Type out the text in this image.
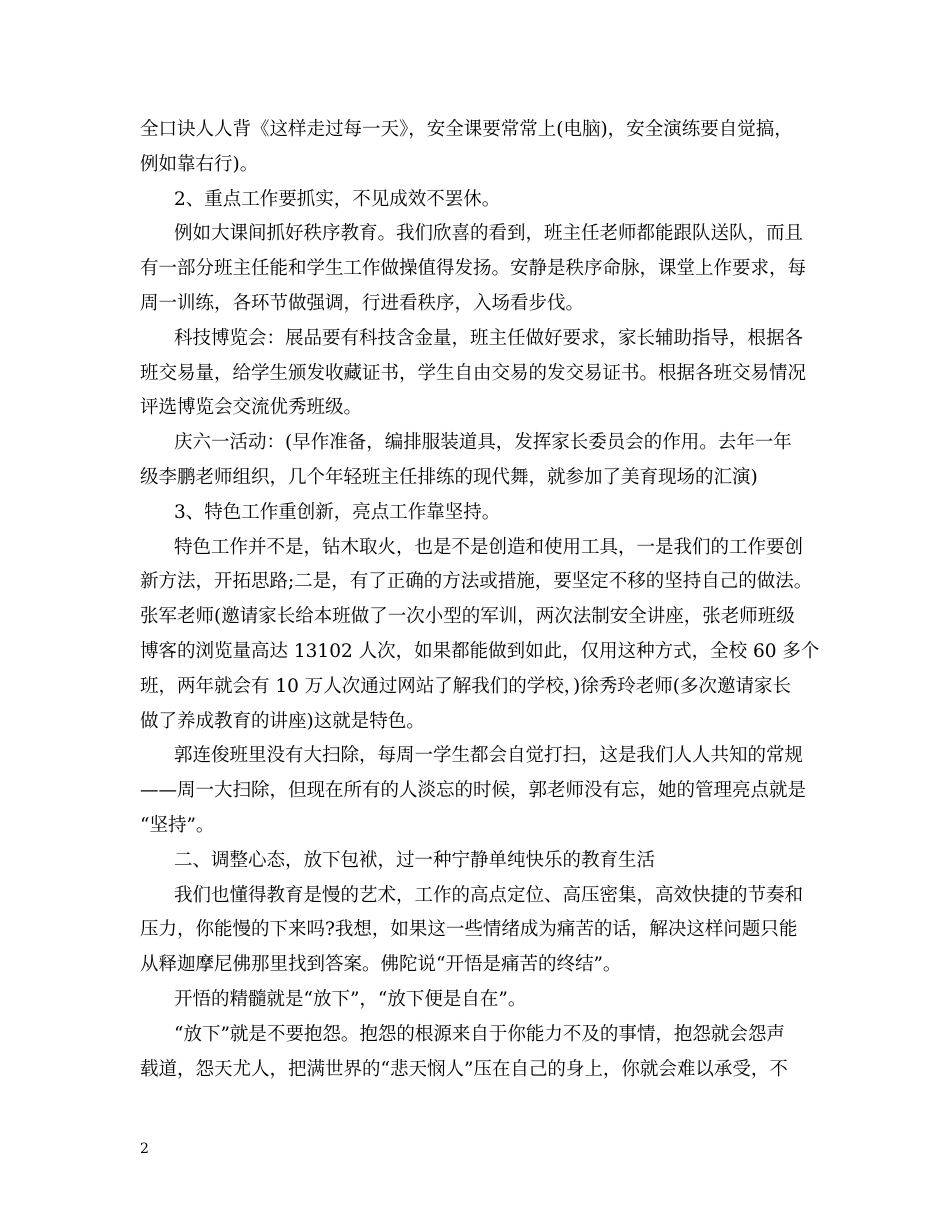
全口诀人人背《这样走过每一天》，安全课要常常上(电脑)，安全演练要自觉搞，
例如靠右行)。
2、重点工作要抓实，不见成效不罢休。
例如大课间抓好秩序教育。我们欣喜的看到，班主任老师都能跟队送队，而且
有一部分班主任能和学生工作做操值得发扬。安静是秩序命脉，课堂上作要求，每
周一训练，各环节做强调，行进看秩序，入场看步伐。
科技博览会：展品要有科技含金量，班主任做好要求，家长辅助指导，根据各
班交易量，给学生颁发收藏证书，学生自由交易的发交易证书。根据各班交易情况
评选博览会交流优秀班级。
庆六一活动：(早作准备，编排服装道具，发挥家长委员会的作用。去年一年
级李鹏老师组织，几个年轻班主任排练的现代舞，就参加了美育现场的汇演)
3、特色工作重创新，亮点工作靠坚持。
特色工作并不是，钻木取火，也是不是创造和使用工具，一是我们的工作要创
新方法，开拓思路;二是，有了正确的方法或措施，要坚定不移的坚持自己的做法。
张军老师(邀请家长给本班做了一次小型的军训，两次法制安全讲座，张老师班级
博客的浏览量高达 13102 人次，如果都能做到如此，仅用这种方式，全校 60 多个
班，两年就会有 10 万人次通过网站了解我们的学校，)徐秀玲老师(多次邀请家长
做了养成教育的讲座)这就是特色。
郭连俊班里没有大扫除，每周一学生都会自觉打扫，这是我们人人共知的常规
——周一大扫除，但现在所有的人淡忘的时候，郭老师没有忘，她的管理亮点就是
“坚持”。
二、调整心态，放下包袱，过一种宁静单纯快乐的教育生活
我们也懂得教育是慢的艺术，工作的高点定位、高压密集，高效快捷的节奏和
压力，你能慢的下来吗?我想，如果这一些情绪成为痛苦的话，解决这样问题只能
从释迦摩尼佛那里找到答案。佛陀说“开悟是痛苦的终结”。
开悟的精髓就是“放下”，“放下便是自在”。
“放下”就是不要抱怨。抱怨的根源来自于你能力不及的事情，抱怨就会怨声
载道，怨天尤人，把满世界的“悲天悯人”压在自己的身上，你就会难以承受，不
2
